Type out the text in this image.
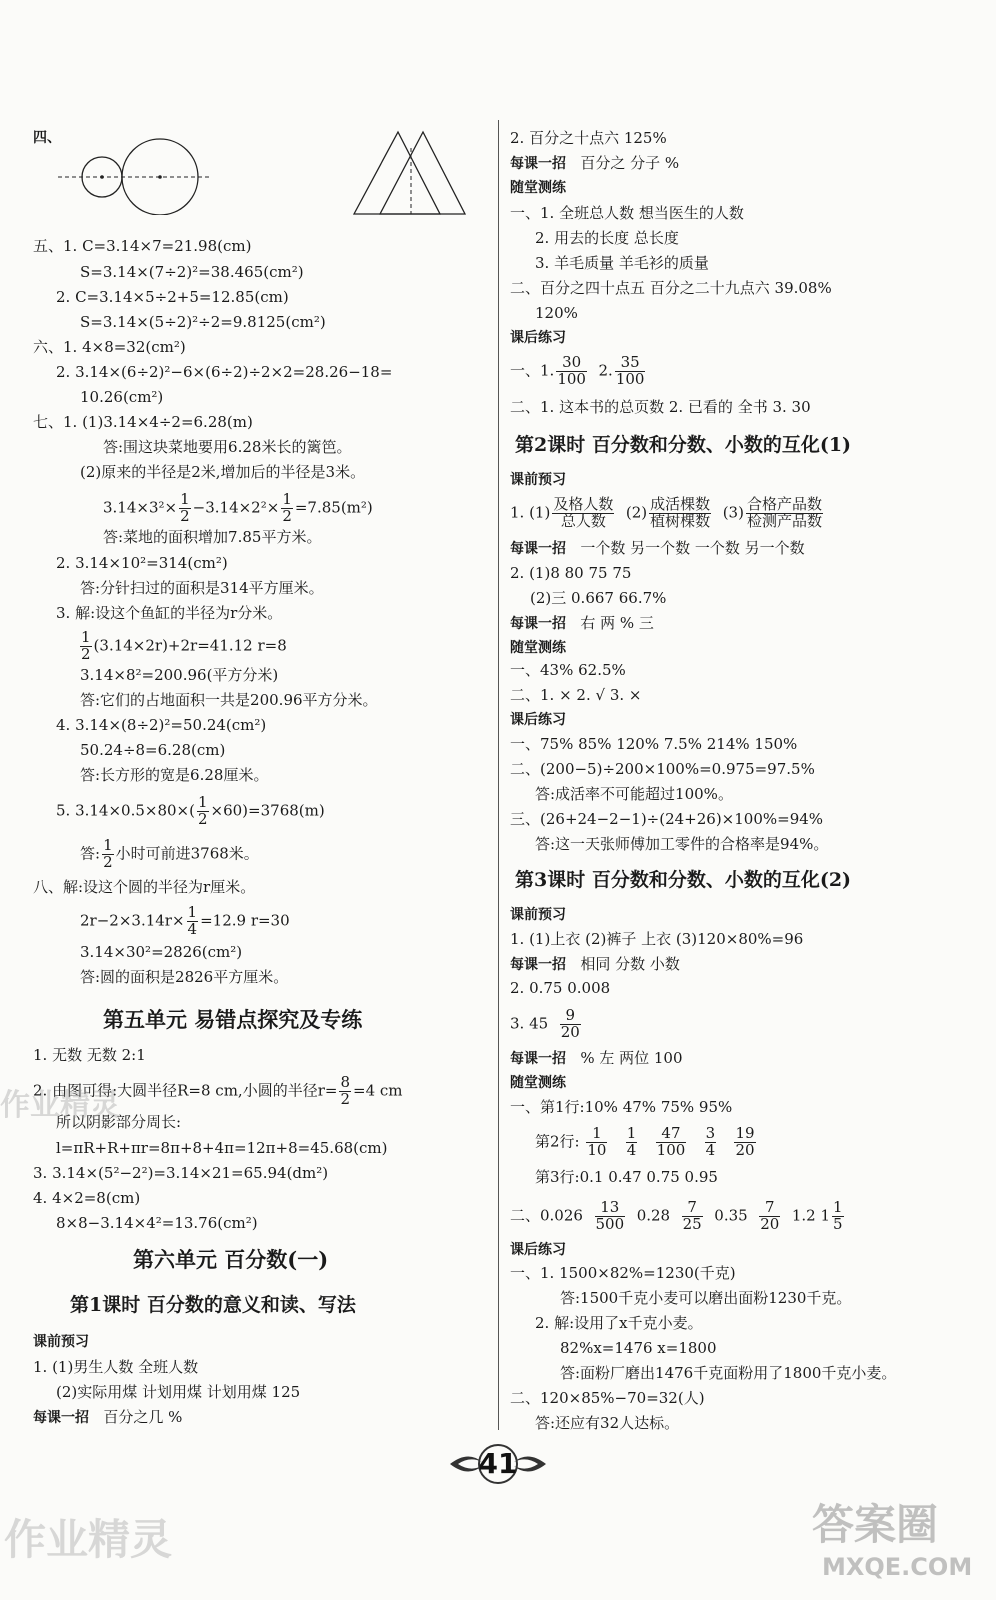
四、
五、1. C=3.14×7=21.98(cm)
S=3.14×(7÷2)²=38.465(cm²)
2. C=3.14×5÷2+5=12.85(cm)
S=3.14×(5÷2)²÷2=9.8125(cm²)
六、1. 4×8=32(cm²)
2. 3.14×(6÷2)²−6×(6÷2)÷2×2=28.26−18=
10.26(cm²)
七、1. (1)3.14×4÷2=6.28(m)
答:围这块菜地要用6.28米长的篱笆。
(2)原来的半径是2米,增加后的半径是3米。
$3.14\times 3^2\times \frac{1}{2} -3.14\times 2^2\times \frac{1}{2} =7.85(m^2)$
答:菜地的面积增加7.85平方米。
2. 3.14×10²=314(cm²)
答:分针扫过的面积是314平方厘米。
3. 解:设这个鱼缸的半径为r分米。
$\frac{1}{2} (3.14\times 2r)+2r=41.12$ r=8
3.14×8²=200.96(平方分米)
答:它们的占地面积一共是200.96平方分米。
4. 3.14×(8÷2)²=50.24(cm²)
50.24÷8=6.28(cm)
答:长方形的宽是6.28厘米。
5. $3.14\times 0.5\times 80\times( \frac{1}{2} \times 60)=3768(m)$
答: $\frac{1}{2}$ 小时可前进3768米。
八、解:设这个圆的半径为r厘米。
$2r-2\times 3.14r\times \frac{1}{4} =12.9$ r=30
3.14×30²=2826(cm²)
答:圆的面积是2826平方厘米。
第五单元 易错点探究及专练
1. 无数 无数 2:1
2. 由图可得:大圆半径R=8 cm,小圆的半径$r= \frac{8}{2} =4$ cm
所以阴影部分周长:
l=πR+R+πr=8π+8+4π=12π+8=45.68(cm)
3. 3.14×(5²−2²)=3.14×21=65.94(dm²)
4. 4×2=8(cm)
8×8−3.14×4²=13.76(cm²)
第六单元 百分数(一)
第1课时 百分数的意义和读、写法
课前预习
1. (1)男生人数 全班人数
(2)实际用煤 计划用煤 计划用煤 125
每课一招 百分之几 %
2. 百分之十点六 125%
每课一招 百分之 分子 %
随堂测练
一、1. 全班总人数 想当医生的人数
2. 用去的长度 总长度
3. 羊毛质量 羊毛衫的质量
二、百分之四十点五 百分之二十九点六 39.08%
120%
课后练习
一、1. $\frac{30}{100} 2$. $\frac{35}{100}$
二、1. 这本书的总页数 2. 已看的 全书 3. 30
第2课时 百分数和分数、小数的互化(1)
课前预习
1. $(1) \frac{\text{及格人数}}{\text{总人数}} (2) \frac{\text{成活棵数}}{\text{植树棵数}} (3) \frac{\text{合格产品数}}{\text{检测产品数}}$
每课一招 一个数 另一个数 一个数 另一个数
2. (1)8 80 75 75
(2)三 0.667 66.7%
每课一招 右 两 % 三
随堂测练
一、43% 62.5%
二、1. × 2. √ 3. ×
课后练习
一、75% 85% 120% 7.5% 214% 150%
二、(200−5)÷200×100%=0.975=97.5%
答:成活率不可能超过100%。
三、(26+24−2−1)÷(24+26)×100%=94%
答:这一天张师傅加工零件的合格率是94%。
第3课时 百分数和分数、小数的互化(2)
课前预习
1. (1)上衣 (2)裤子 上衣 (3)120×80%=96
每课一招 相同 分数 小数
2. 0.75 0.008
3. $45 \frac{9}{20}$
每课一招 % 左 两位 100
随堂测练
一、第1行:10% 47% 75% 95%
第2行: $\frac{1}{10}$
$\frac{1}{4}$
$\frac{47}{100}$
$\frac{3}{4}$
$\frac{19}{20}$
第3行:0.1 0.47 0.75 0.95
二、$0.026 \frac{13}{500} 0.28 \frac{7}{25} 0.35 \frac{7}{20} 1.2$ $1 \frac{1}{5}$
课后练习
一、1. 1500×82%=1230(千克)
答:1500千克小麦可以磨出面粉1230千克。
2. 解:设用了x千克小麦。
82%x=1476 x=1800
答:面粉厂磨出1476千克面粉用了1800千克小麦。
二、120×85%−70=32(人)
答:还应有32人达标。
41
作业精灵
作业精灵	答案圈
MXQE.COM
